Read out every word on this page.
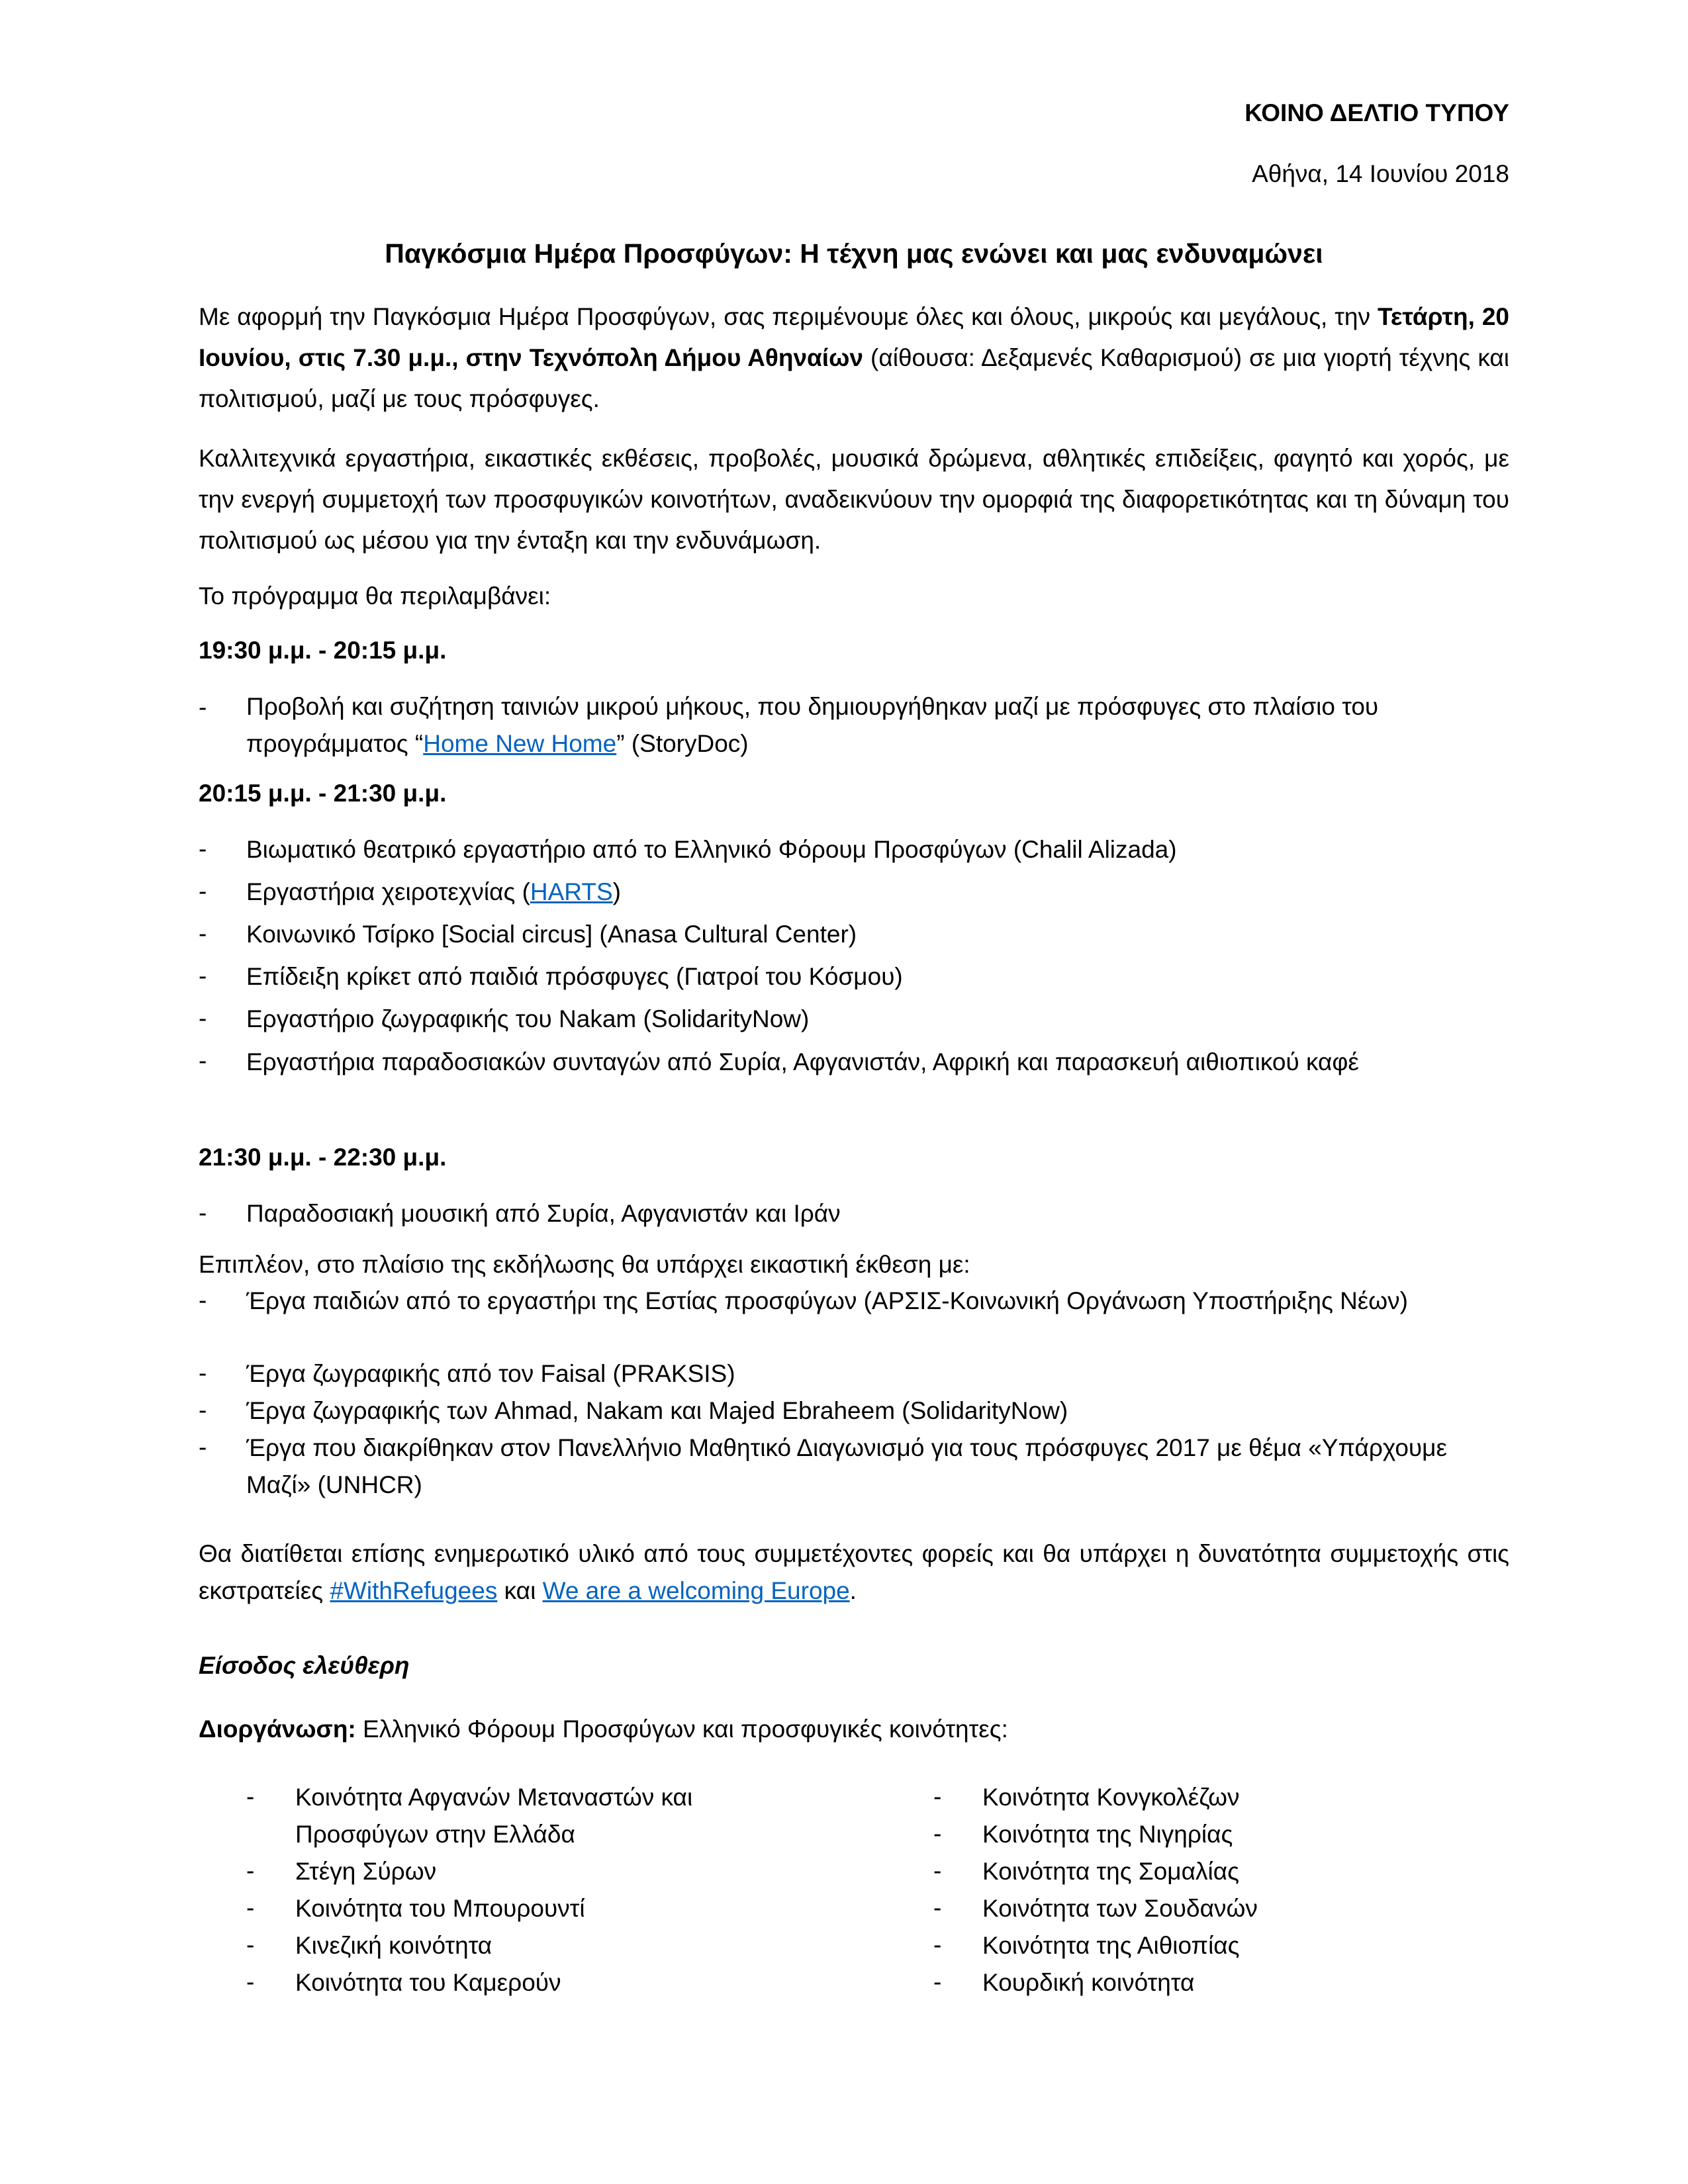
ΚΟΙΝΟ ΔΕΛΤΙΟ ΤΥΠΟΥ
Αθήνα, 14 Ιουνίου 2018
Παγκόσμια Ημέρα Προσφύγων: Η τέχνη μας ενώνει και μας ενδυναμώνει
Με αφορμή την Παγκόσμια Ημέρα Προσφύγων, σας περιμένουμε όλες και όλους, μικρούς και μεγάλους, την Τετάρτη, 20 Ιουνίου, στις 7.30 μ.μ., στην Τεχνόπολη Δήμου Αθηναίων (αίθουσα: Δεξαμενές Καθαρισμού) σε μια γιορτή τέχνης και πολιτισμού, μαζί με τους πρόσφυγες.
Καλλιτεχνικά εργαστήρια, εικαστικές εκθέσεις, προβολές, μουσικά δρώμενα, αθλητικές επιδείξεις, φαγητό και χορός, με την ενεργή συμμετοχή των προσφυγικών κοινοτήτων, αναδεικνύουν την ομορφιά της διαφορετικότητας και τη δύναμη του πολιτισμού ως μέσου για την ένταξη και την ενδυνάμωση.
Το πρόγραμμα θα περιλαμβάνει:
19:30 μ.μ. - 20:15 μ.μ.
- Προβολή και συζήτηση ταινιών μικρού μήκους, που δημιουργήθηκαν μαζί με πρόσφυγες στο πλαίσιο του προγράμματος “Home New Home” (StoryDoc)
20:15 μ.μ. - 21:30 μ.μ.
- Βιωματικό θεατρικό εργαστήριο από το Ελληνικό Φόρουμ Προσφύγων (Chalil Alizada)
- Εργαστήρια χειροτεχνίας (HARTS)
- Κοινωνικό Τσίρκο [Social circus] (Anasa Cultural Center)
- Επίδειξη κρίκετ από παιδιά πρόσφυγες (Γιατροί του Κόσμου)
- Εργαστήριο ζωγραφικής του Nakam (SolidarityNow)
- Εργαστήρια παραδοσιακών συνταγών από Συρία, Αφγανιστάν, Αφρική και παρασκευή αιθιοπικού καφέ
21:30 μ.μ. - 22:30 μ.μ.
- Παραδοσιακή μουσική από Συρία, Αφγανιστάν και Ιράν
Επιπλέον, στο πλαίσιο της εκδήλωσης θα υπάρχει εικαστική έκθεση με:
- Έργα παιδιών από το εργαστήρι της Εστίας προσφύγων (ΑΡΣΙΣ-Κοινωνική Οργάνωση Υποστήριξης Νέων)
- Έργα ζωγραφικής από τον Faisal (PRAKSIS)
- Έργα ζωγραφικής των Ahmad, Nakam και Majed Ebraheem (SolidarityNow)
- Έργα που διακρίθηκαν στον Πανελλήνιο Μαθητικό Διαγωνισμό για τους πρόσφυγες 2017 με θέμα «Υπάρχουμε Μαζί» (UNHCR)
Θα διατίθεται επίσης ενημερωτικό υλικό από τους συμμετέχοντες φορείς και θα υπάρχει η δυνατότητα συμμετοχής στις εκστρατείες #WithRefugees και We are a welcoming Europe.
Είσοδος ελεύθερη
Διοργάνωση: Ελληνικό Φόρουμ Προσφύγων και προσφυγικές κοινότητες:
- Κοινότητα Αφγανών Μεταναστών και Προσφύγων στην Ελλάδα
- Στέγη Σύρων
- Κοινότητα του Μπουρουντί
- Κινεζική κοινότητα
- Κοινότητα του Καμερούν
- Κοινότητα Κονγκολέζων
- Κοινότητα της Νιγηρίας
- Κοινότητα της Σομαλίας
- Κοινότητα των Σουδανών
- Κοινότητα της Αιθιοπίας
- Κουρδική κοινότητα
